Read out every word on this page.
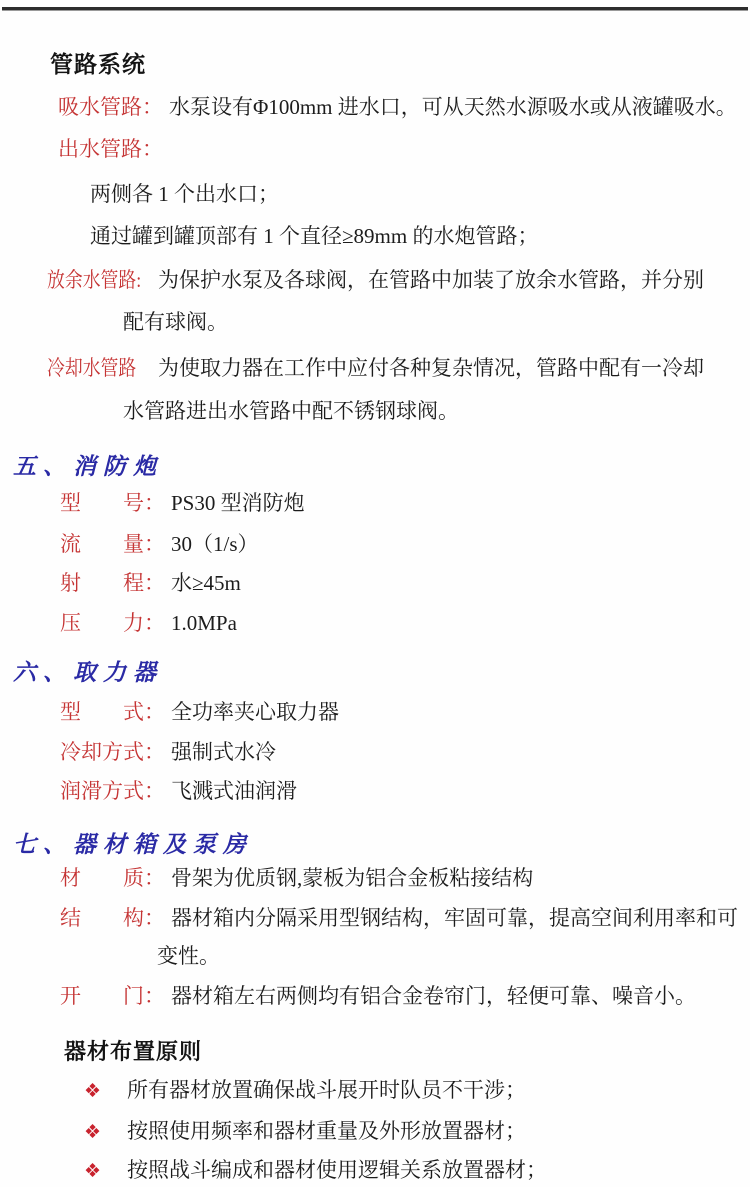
管路系统
吸水管路： 水泵设有Φ100mm 进水口，可从天然水源吸水或从液罐吸水。
出水管路：
两侧各 1 个出水口；
通过罐到罐顶部有 1 个直径≥89mm 的水炮管路；
放余水管路: 为保护水泵及各球阀，在管路中加装了放余水管路，并分别
配有球阀。
冷却水管路 为使取力器在工作中应付各种复杂情况，管路中配有一冷却
水管路进出水管路中配不锈钢球阀。
五、消防炮
型　　号： PS30 型消防炮
流　　量： 30（1/s）
射　　程： 水≥45m
压　　力： 1.0MPa
六、取力器
型　　式： 全功率夹心取力器
冷却方式： 强制式水冷
润滑方式： 飞溅式油润滑
七、器材箱及泵房
材　　质： 骨架为优质钢,蒙板为铝合金板粘接结构
结　　构： 器材箱内分隔采用型钢结构，牢固可靠，提高空间利用率和可
变性。
开　　门： 器材箱左右两侧均有铝合金卷帘门，轻便可靠、噪音小。
器材布置原则
❖ 所有器材放置确保战斗展开时队员不干涉；
❖ 按照使用频率和器材重量及外形放置器材；
❖ 按照战斗编成和器材使用逻辑关系放置器材；
